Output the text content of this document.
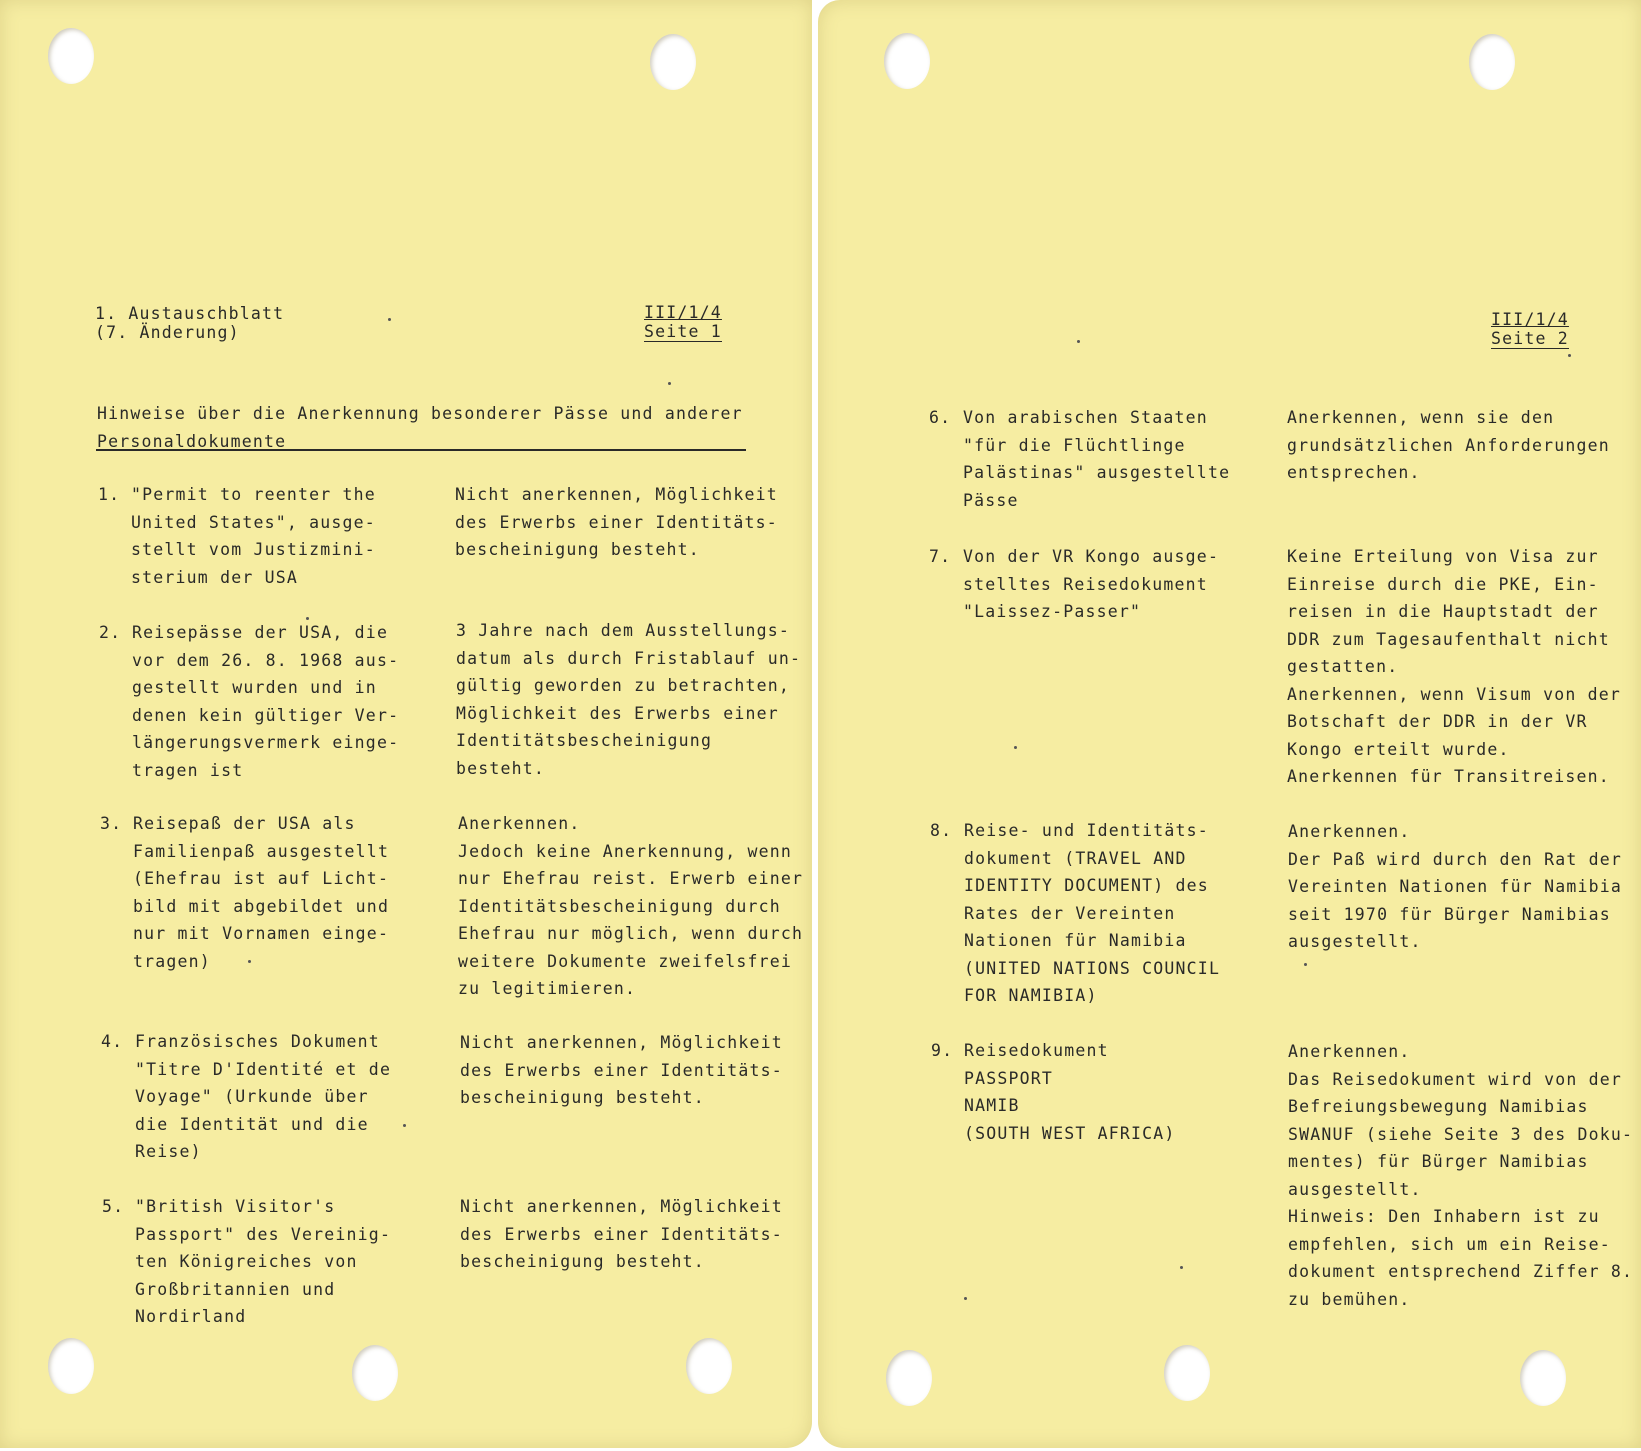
1. Austauschblatt
(7. Änderung)
III/1/4
Seite 1
Hinweise über die Anerkennung besonderer Pässe und anderer
Personaldokumente
1. "Permit to reenter the
United States", ausge-
stellt vom Justizmini-
sterium der USA
Nicht anerkennen, Möglichkeit
des Erwerbs einer Identitäts-
bescheinigung besteht.
2. Reisepässe der USA, die
vor dem 26. 8. 1968 aus-
gestellt wurden und in
denen kein gültiger Ver-
längerungsvermerk einge-
tragen ist
3 Jahre nach dem Ausstellungs-
datum als durch Fristablauf un-
gültig geworden zu betrachten,
Möglichkeit des Erwerbs einer
Identitätsbescheinigung besteht.
3. Reisepaß der USA als
Familienpaß ausgestellt
(Ehefrau ist auf Licht-
bild mit abgebildet und
nur mit Vornamen einge-
tragen)
Anerkennen.
Jedoch keine Anerkennung, wenn
nur Ehefrau reist. Erwerb einer
Identitätsbescheinigung durch
Ehefrau nur möglich, wenn durch
weitere Dokumente zweifelsfrei
zu legitimieren.
4. Französisches Dokument
"Titre D'Identité et de
Voyage" (Urkunde über
die Identität und die
Reise)
Nicht anerkennen, Möglichkeit
des Erwerbs einer Identitäts-
bescheinigung besteht.
5. "British Visitor's
Passport" des Vereinig-
ten Königreiches von
Großbritannien und
Nordirland
Nicht anerkennen, Möglichkeit
des Erwerbs einer Identitäts-
bescheinigung besteht.
III/1/4
Seite 2
6. Von arabischen Staaten
"für die Flüchtlinge
Palästinas" ausgestellte
Pässe
Anerkennen, wenn sie den
grundsätzlichen Anforderungen
entsprechen.
7. Von der VR Kongo ausge-
stelltes Reisedokument
"Laissez-Passer"
Keine Erteilung von Visa zur
Einreise durch die PKE, Ein-
reisen in die Hauptstadt der
DDR zum Tagesaufenthalt nicht
gestatten.
Anerkennen, wenn Visum von der
Botschaft der DDR in der VR
Kongo erteilt wurde.
Anerkennen für Transitreisen.
8. Reise- und Identitäts-
dokument (TRAVEL AND
IDENTITY DOCUMENT) des
Rates der Vereinten
Nationen für Namibia
(UNITED NATIONS COUNCIL
FOR NAMIBIA)
Anerkennen.
Der Paß wird durch den Rat der
Vereinten Nationen für Namibia
seit 1970 für Bürger Namibias
ausgestellt.
9. Reisedokument
PASSPORT
NAMIB
(SOUTH WEST AFRICA)
Anerkennen.
Das Reisedokument wird von der
Befreiungsbewegung Namibias
SWANUF (siehe Seite 3 des Doku-
mentes) für Bürger Namibias
ausgestellt.
Hinweis: Den Inhabern ist zu
empfehlen, sich um ein Reise-
dokument entsprechend Ziffer 8.
zu bemühen.
